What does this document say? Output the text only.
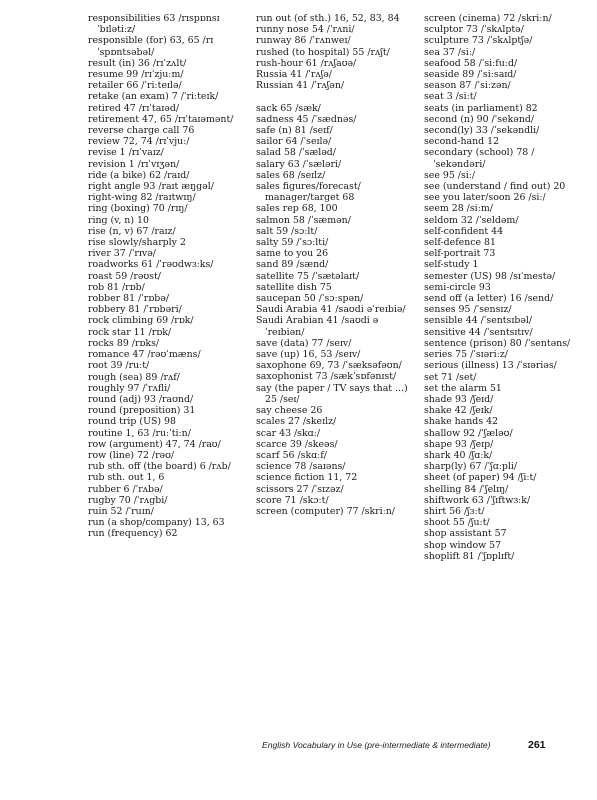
responsibilities 63 /rɪspɒnsɪˈbɪlətiːz/

responsible (for) 63, 65 /rɪˈspɒntsəbəl/

result (in) 36 /rɪˈzʌlt/

resume 99 /rɪˈzjuːm/

retailer 66 /ˈriːteɪlə/

retake (an exam) 7 /ˈriːteɪk/

retired 47 /rɪˈtaɪəd/

retirement 47, 65 /rɪˈtaɪəmənt/

reverse charge call 76

review 72, 74 /rɪˈvjuː/

revise 1 /rɪˈvaɪz/

revision 1 /rɪˈvɪʒən/

ride (a bike) 62 /raɪd/

right angle 93 /raɪt æŋgəl/

right-wing 82 /raɪtwɪŋ/

ring (boxing) 70 /rɪŋ/

ring (v, n) 10

rise (n, v) 67 /raɪz/

rise slowly/sharply 2

river 37 /ˈrɪvə/

roadworks 61 /ˈrəʊdwɜːks/

roast 59 /rəʊst/

rob 81 /rɒb/

robber 81 /ˈrɒbə/

robbery 81 /ˈrɒbəri/

rock climbing 69 /rɒk/

rock star 11 /rɒk/

rocks 89 /rɒks/

romance 47 /rəʊˈmæns/

root 39 /ruːt/

rough (sea) 89 /rʌf/

roughly 97 /ˈrʌfli/

round (adj) 93 /raʊnd/

round (preposition) 31

round trip (US) 98

routine 1, 63 /ruːˈtiːn/

row (argument) 47, 74 /raʊ/

row (line) 72 /rəʊ/

rub sth. off (the board) 6 /rʌb/

rub sth. out 1, 6

rubber 6 /ˈrʌbə/

rugby 70 /ˈrʌgbi/

ruin 52 /ˈruɪn/

run (a shop/company) 13, 63

run (frequency) 62

run out (of sth.) 16, 52, 83, 84

runny nose 54 /ˈrʌni/

runway 86 /ˈrʌnweɪ/

rushed (to hospital) 55 /rʌʃt/

rush-hour 61 /rʌʃaʊə/

Russia 41 /ˈrʌʃə/

Russian 41 /ˈrʌʃən/

sack 65 /sæk/

sadness 45 /ˈsædnəs/

safe (n) 81 /seɪf/

sailor 64 /ˈseɪlə/

salad 58 /ˈsæləd/

salary 63 /ˈsæləri/

sales 68 /seɪlz/

sales figures/forecast/ manager/target 68

sales rep 68, 100

salmon 58 /ˈsæmən/

salt 59 /sɔːlt/

salty 59 /ˈsɔːlti/

same to you 26

sand 89 /sænd/

satellite 75 /ˈsætəlaɪt/

satellite dish 75

saucepan 50 /ˈsɔːspən/

Saudi Arabia 41 /saʊdi əˈreɪbiə/

Saudi Arabian 41 /saʊdi əˈreɪbiən/

save (data) 77 /seɪv/

save (up) 16, 53 /seɪv/

saxophone 69, 73 /ˈsæksəfəʊn/

saxophonist 73 /sækˈsɒfənɪst/

say (the paper / TV says that ...) 25 /seɪ/

say cheese 26

scales 27 /skeɪlz/

scar 43 /skɑː/

scarce 39 /skeəs/

scarf 56 /skɑːf/

science 78 /saɪəns/

science fiction 11, 72

scissors 27 /ˈsɪzəz/

score 71 /skɔːt/

screen (computer) 77 /skriːn/

screen (cinema) 72 /skriːn/

sculptor 73 /ˈskʌlptə/

sculpture 73 /ˈskʌlptʃə/

sea 37 /siː/

seafood 58 /ˈsiːfuːd/

seaside 89 /ˈsiːsaɪd/

season 87 /ˈsiːzən/

seat 3 /siːt/

seats (in parliament) 82

second (n) 90 /ˈsekənd/

second(ly) 33 /ˈsekəndli/

second-hand 12

secondary (school) 78 /ˈsekəndəri/

see 95 /siː/

see (understand / find out) 20

see you later/soon 26 /siː/

seem 28 /siːm/

seldom 32 /ˈseldəm/

self-confident 44

self-defence 81

self-portrait 73

self-study 1

semester (US) 98 /sɪˈmestə/

semi-circle 93

send off (a letter) 16 /send/

senses 95 /ˈsensɪz/

sensible 44 /ˈsentsɪbəl/

sensitive 44 /ˈsentsɪtɪv/

sentence (prison) 80 /ˈsentəns/

series 75 /ˈsɪəriːz/

serious (illness) 13 /ˈsɪəriəs/

set 71 /set/

set the alarm 51

shade 93 /ʃeɪd/

shake 42 /ʃeɪk/

shake hands 42

shallow 92 /ˈʃæləʊ/

shape 93 /ʃeɪp/

shark 40 /ʃɑːk/

sharp(ly) 67 /ˈʃɑːpli/

sheet (of paper) 94 /ʃiːt/

shelling 84 /ˈʃelɪŋ/

shiftwork 63 /ˈʃɪftwɜːk/

shirt 56 /ʃɜːt/

shoot 55 /ʃuːt/

shop assistant 57

shop window 57

shoplift 81 /ˈʃɒplɪft/

English Vocabulary in Use (pre-intermediate & intermediate)	261
